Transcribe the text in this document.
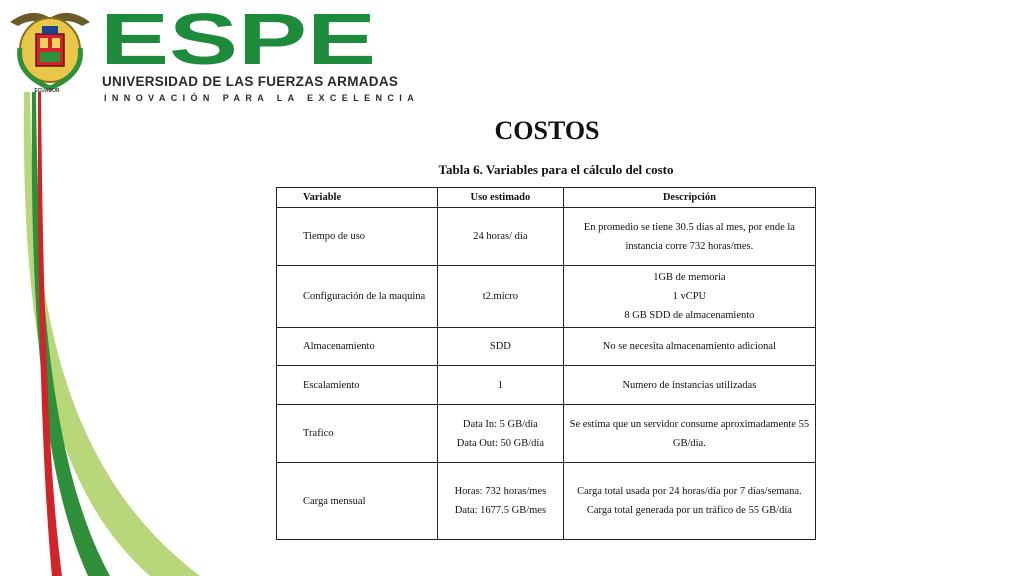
ECUADOR
ESPE
UNIVERSIDAD DE LAS FUERZAS ARMADAS
INNOVACIÓN PARA LA EXCELENCIA
COSTOS
Tabla 6. Variables para el cálculo del costo
Variable	Uso estimado	Descripción
Tiempo de uso	24 horas/ día	En promedio se tiene 30.5 días al mes, por ende la
instancia corre 732 horas/mes.

Configuración de la maquina	t2.micro	1GB de memoria
1 vCPU
8 GB SDD de almacenamiento

Almacenamiento	SDD	No se necesita almacenamiento adicional

Escalamiento	1	Numero de instancias utilizadas

Trafico	Data In: 5 GB/día
Data Out: 50 GB/día	Se estima que un servidor consume aproximadamente 55
GB/día.

Carga mensual	Horas: 732 horas/mes
Data: 1677.5 GB/mes	Carga total usada por 24 horas/día por 7 días/semana.
Carga total generada por un tráfico de 55 GB/día
